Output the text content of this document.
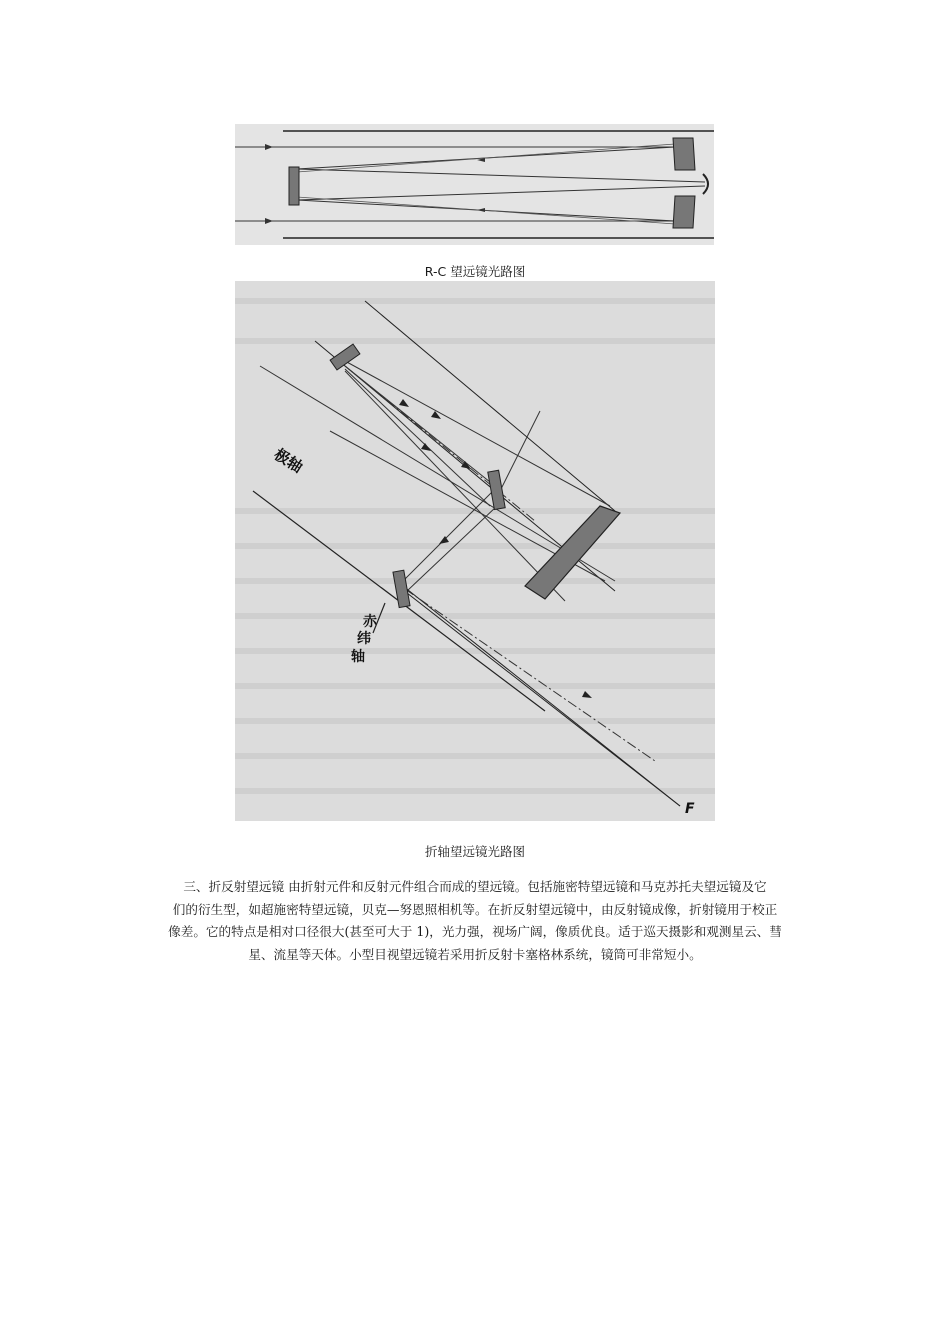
R-C 望远镜光路图
极轴
赤
纬
轴
F
折轴望远镜光路图

三、折反射望远镜 由折射元件和反射元件组合而成的望远镜。包括施密特望远镜和马克苏托夫望远镜及它

们的衍生型，如超施密特望远镜，贝克—努恩照相机等。在折反射望远镜中，由反射镜成像，折射镜用于校正

像差。它的特点是相对口径很大(甚至可大于 1)，光力强，视场广阔，像质优良。适于巡天摄影和观测星云、彗

星、流星等天体。小型目视望远镜若采用折反射卡塞格林系统，镜筒可非常短小。
